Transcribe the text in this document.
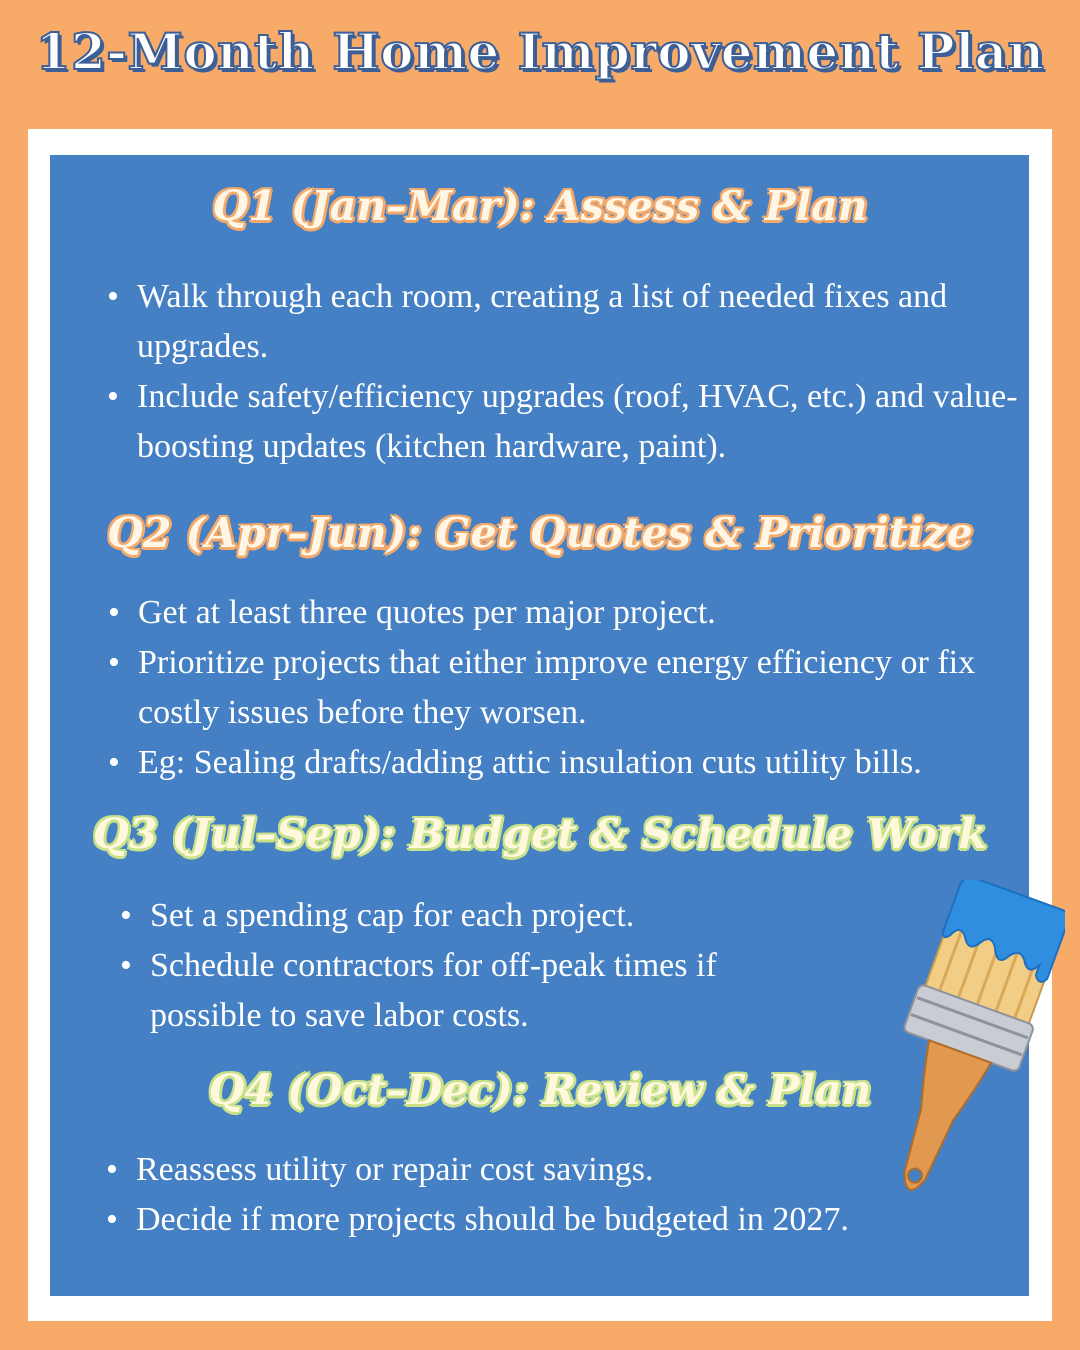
12-Month Home Improvement Plan
Q1 (Jan–Mar): Assess & Plan
• Walk through each room, creating a list of needed fixes and upgrades.
• Include safety/efficiency upgrades (roof, HVAC, etc.) and value-boosting updates (kitchen hardware, paint).
Q2 (Apr–Jun): Get Quotes & Prioritize
• Get at least three quotes per major project.
• Prioritize projects that either improve energy efficiency or fix costly issues before they worsen.
• Eg: Sealing drafts/adding attic insulation cuts utility bills.
Q3 (Jul–Sep): Budget & Schedule Work
• Set a spending cap for each project.
• Schedule contractors for off-peak times if possible to save labor costs.
Q4 (Oct–Dec): Review & Plan
• Reassess utility or repair cost savings.
• Decide if more projects should be budgeted in 2027.
